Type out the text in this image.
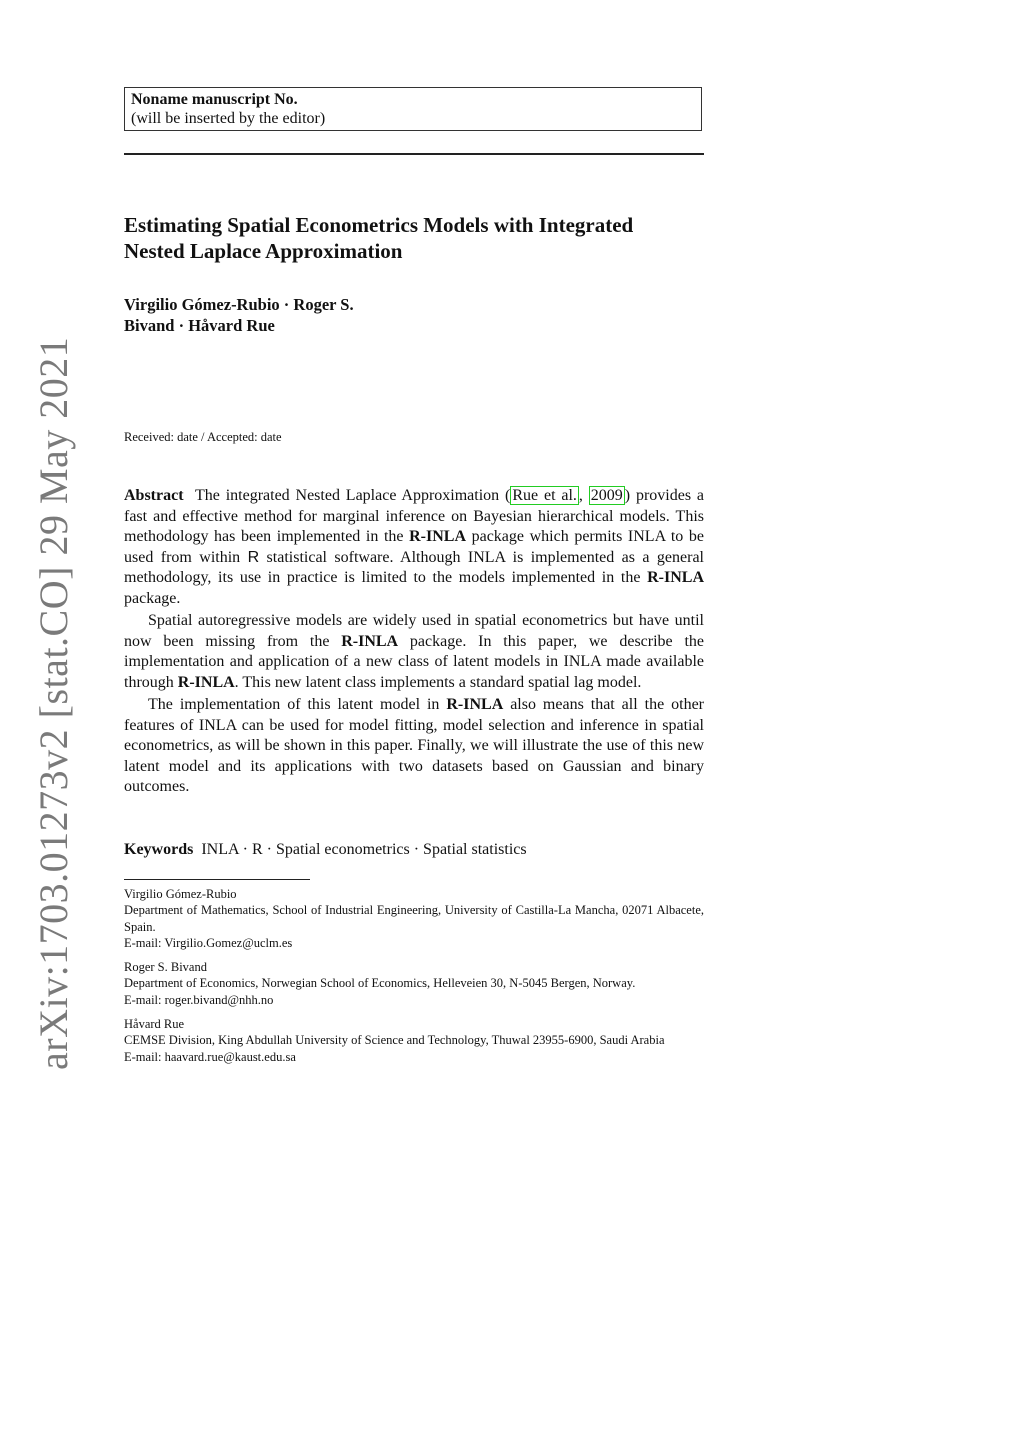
arXiv:1703.01273v2 [stat.CO] 29 May 2021
Noname manuscript No.
(will be inserted by the editor)
Estimating Spatial Econometrics Models with Integrated
Nested Laplace Approximation
Virgilio Gómez-Rubio · Roger S.
Bivand · Håvard Rue
Received: date / Accepted: date

Abstract The integrated Nested Laplace Approximation ( Rue et al. , 2009 ) provides a fast and effective method for marginal inference on Bayesian hierarchical models. This methodology has been implemented in the R-INLA package which permits INLA to be used from within R statistical software. Although INLA is implemented as a general methodology, its use in practice is limited to the models implemented in the R-INLA package.

Spatial autoregressive models are widely used in spatial econometrics but have until now been missing from the R-INLA package. In this paper, we describe the implementation and application of a new class of latent models in INLA made available through R-INLA. This new latent class implements a standard spatial lag model.

The implementation of this latent model in R-INLA also means that all the other features of INLA can be used for model fitting, model selection and inference in spatial econometrics, as will be shown in this paper. Finally, we will illustrate the use of this new latent model and its applications with two datasets based on Gaussian and binary outcomes.

Keywords INLA · R · Spatial econometrics · Spatial statistics
Virgilio Gómez-Rubio
Department of Mathematics, School of Industrial Engineering, University of Castilla-La Mancha, 02071 Albacete, Spain.
E-mail: Virgilio.Gomez@uclm.es
Roger S. Bivand
Department of Economics, Norwegian School of Economics, Helleveien 30, N-5045 Bergen, Norway.
E-mail: roger.bivand@nhh.no
Håvard Rue
CEMSE Division, King Abdullah University of Science and Technology, Thuwal 23955-6900, Saudi Arabia
E-mail: haavard.rue@kaust.edu.sa
